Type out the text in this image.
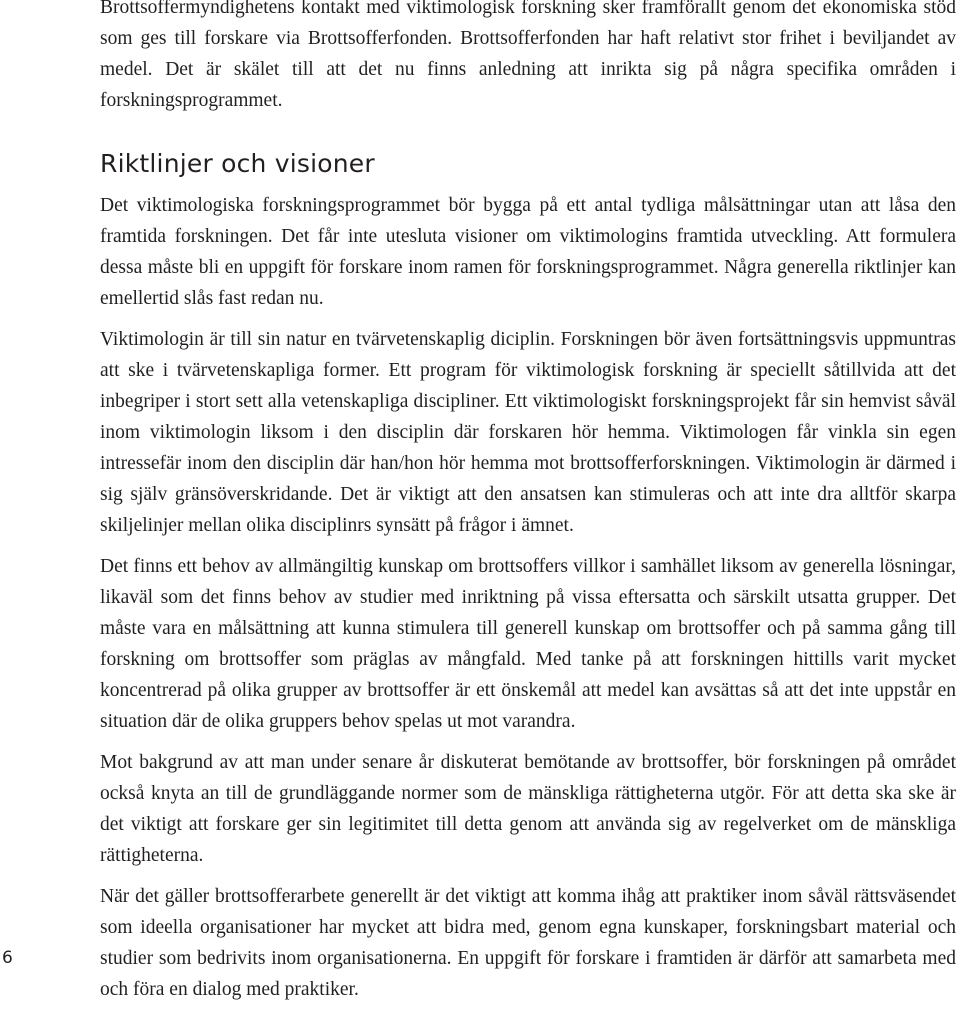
Brottsoffermyndighetens kontakt med viktimologisk forskning sker framförallt genom det ekonomiska stöd som ges till forskare via Brottsofferfonden. Brottsofferfonden har haft relativt stor frihet i beviljandet av medel. Det är skälet till att det nu finns anledning att inrikta sig på några specifika områden i forskningsprogrammet.

Riktlinjer och visioner

Det viktimologiska forskningsprogrammet bör bygga på ett antal tydliga målsättningar utan att låsa den framtida forskningen. Det får inte utesluta visioner om viktimologins framtida utveckling. Att formulera dessa måste bli en uppgift för forskare inom ramen för forskningsprogrammet. Några generella riktlinjer kan emellertid slås fast redan nu.

Viktimologin är till sin natur en tvärvetenskaplig diciplin. Forskningen bör även fortsättningsvis uppmuntras att ske i tvärvetenskapliga former. Ett program för viktimologisk forskning är speciellt såtillvida att det inbegriper i stort sett alla vetenskapliga discipliner. Ett viktimologiskt forskningsprojekt får sin hemvist såväl inom viktimologin liksom i den disciplin där forskaren hör hemma. Viktimologen får vinkla sin egen intressefär inom den disciplin där han/hon hör hemma mot brottsofferforskningen. Viktimologin är därmed i sig själv gränsöverskridande. Det är viktigt att den ansatsen kan stimuleras och att inte dra alltför skarpa skiljelinjer mellan olika disciplinrs synsätt på frågor i ämnet.

Det finns ett behov av allmängiltig kunskap om brottsoffers villkor i samhället liksom av generella lösningar, likaväl som det finns behov av studier med inriktning på vissa eftersatta och särskilt utsatta grupper. Det måste vara en målsättning att kunna stimulera till generell kunskap om brottsoffer och på samma gång till forskning om brottsoffer som präglas av mångfald. Med tanke på att forskningen hittills varit mycket koncentrerad på olika grupper av brottsoffer är ett önskemål att medel kan avsättas så att det inte uppstår en situation där de olika gruppers behov spelas ut mot varandra.

Mot bakgrund av att man under senare år diskuterat bemötande av brottsoffer, bör forskningen på området också knyta an till de grundläggande normer som de mänskliga rättigheterna utgör. För att detta ska ske är det viktigt att forskare ger sin legitimitet till detta genom att använda sig av regelverket om de mänskliga rättigheterna.

När det gäller brottsofferarbete generellt är det viktigt att komma ihåg att praktiker inom såväl rättsväsendet som ideella organisationer har mycket att bidra med, genom egna kunskaper, forskningsbart material och studier som bedrivits inom organisationerna. En uppgift för forskare i framtiden är därför att samarbeta med och föra en dialog med praktiker.

6
